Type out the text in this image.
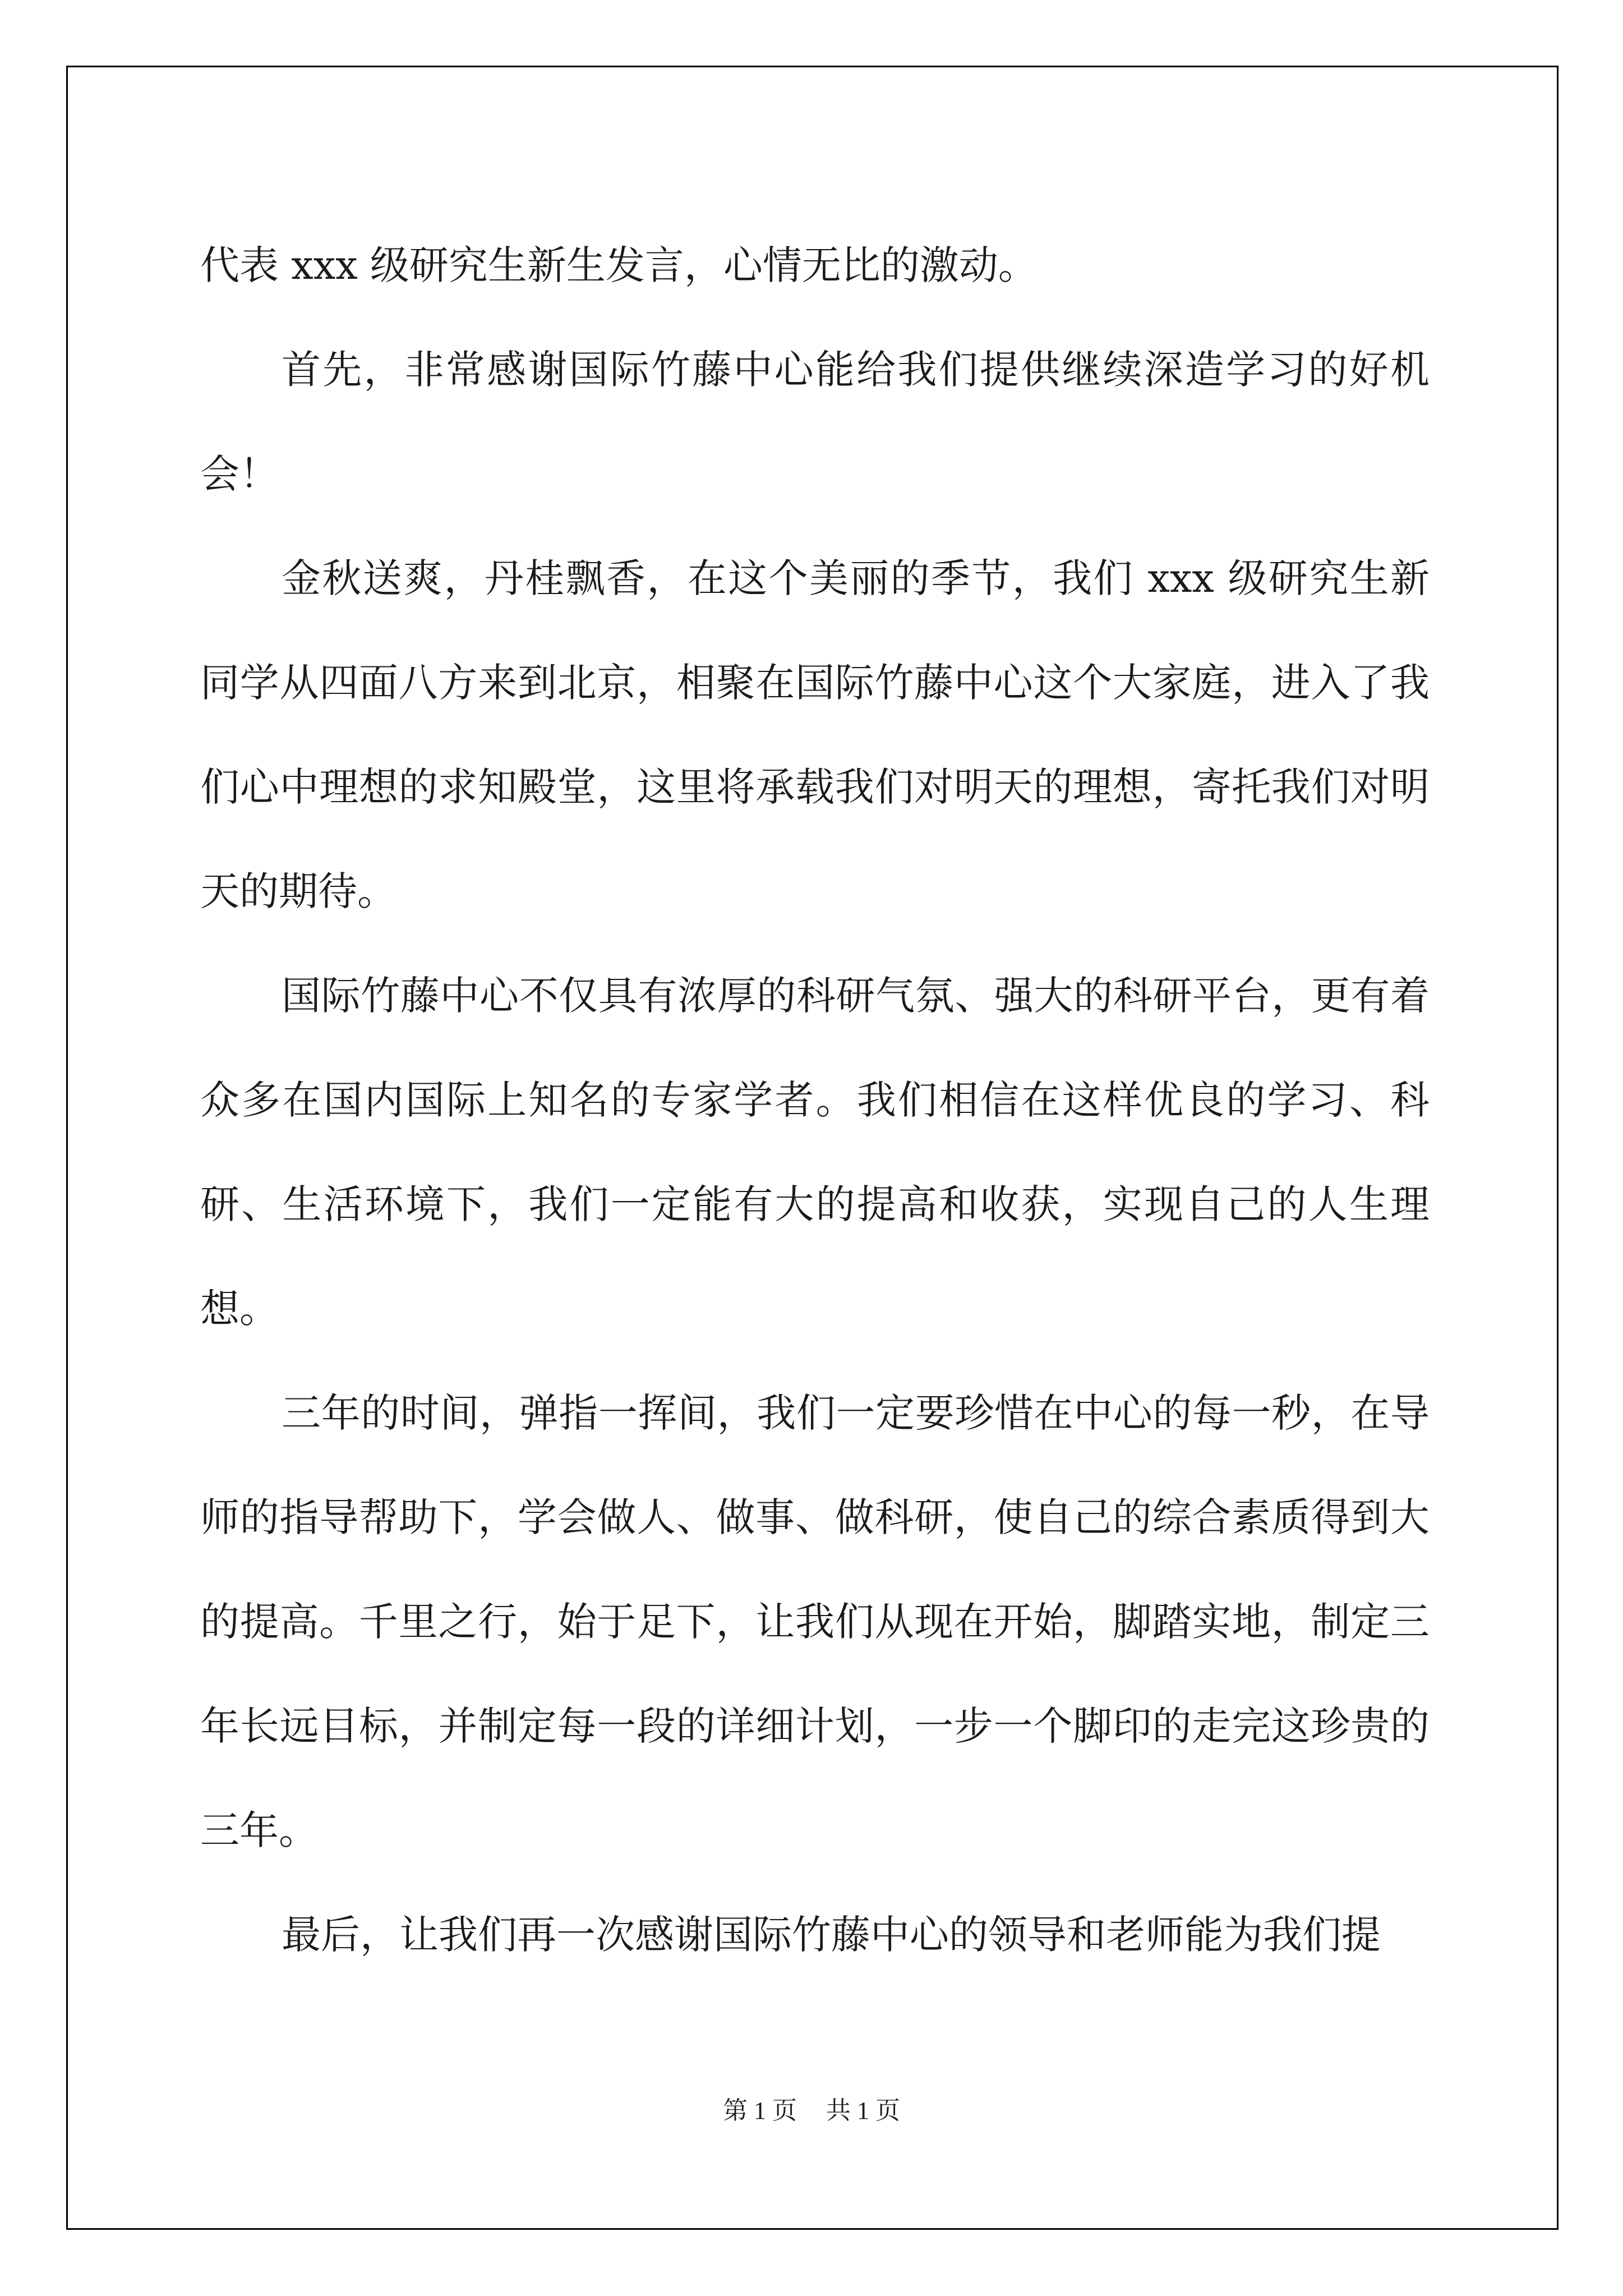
代表 xxx 级研究生新生发言，心情无比的激动。

首先，非常感谢国际竹藤中心能给我们提供继续深造学习的好机会！

金秋送爽，丹桂飘香，在这个美丽的季节，我们 xxx 级研究生新同学从四面八方来到北京，相聚在国际竹藤中心这个大家庭，进入了我们心中理想的求知殿堂，这里将承载我们对明天的理想，寄托我们对明天的期待。

国际竹藤中心不仅具有浓厚的科研气氛、强大的科研平台，更有着众多在国内国际上知名的专家学者。我们相信在这样优良的学习、科研、生活环境下，我们一定能有大的提高和收获，实现自己的人生理想。

三年的时间，弹指一挥间，我们一定要珍惜在中心的每一秒，在导师的指导帮助下，学会做人、做事、做科研，使自己的综合素质得到大的提高。千里之行，始于足下，让我们从现在开始，脚踏实地，制定三年长远目标，并制定每一段的详细计划，一步一个脚印的走完这珍贵的三年。

最后，让我们再一次感谢国际竹藤中心的领导和老师能为我们提

第 1 页 共 1 页
